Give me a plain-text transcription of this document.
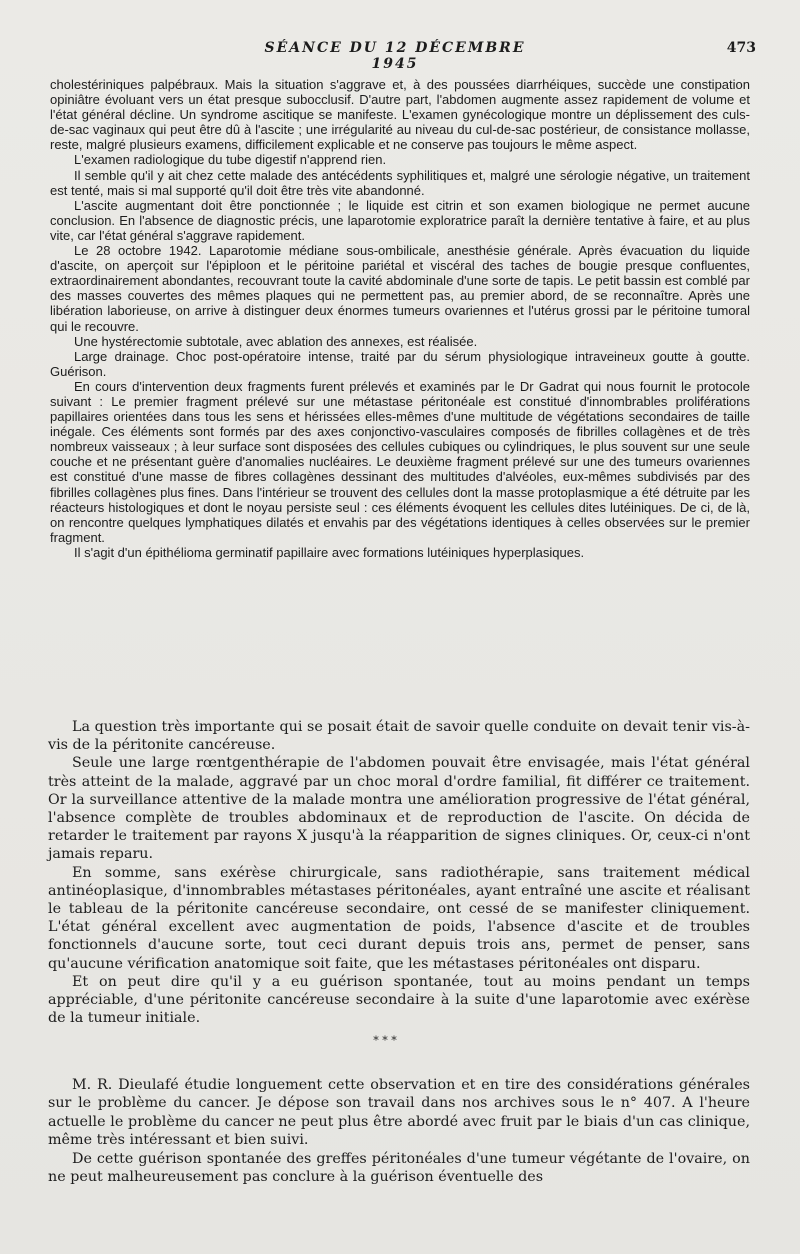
SÉANCE DU 12 DÉCEMBRE 1945
473

cholestériniques palpébraux. Mais la situation s'aggrave et, à des poussées diarrhéiques, succède une constipation opiniâtre évoluant vers un état presque subocclusif. D'autre part, l'abdomen augmente assez rapidement de volume et l'état général décline. Un syndrome ascitique se manifeste. L'examen gynécologique montre un déplissement des culs-de-sac vaginaux qui peut être dû à l'ascite ; une irrégularité au niveau du cul-de-sac postérieur, de consistance mollasse, reste, malgré plusieurs examens, difficilement explicable et ne conserve pas toujours le même aspect.

L'examen radiologique du tube digestif n'apprend rien.

Il semble qu'il y ait chez cette malade des antécédents syphilitiques et, malgré une sérologie négative, un traitement est tenté, mais si mal supporté qu'il doit être très vite abandonné.

L'ascite augmentant doit être ponctionnée ; le liquide est citrin et son examen biologique ne permet aucune conclusion. En l'absence de diagnostic précis, une laparotomie exploratrice paraît la dernière tentative à faire, et au plus vite, car l'état général s'aggrave rapidement.

Le 28 octobre 1942. Laparotomie médiane sous-ombilicale, anesthésie générale. Après évacuation du liquide d'ascite, on aperçoit sur l'épiploon et le péritoine pariétal et viscéral des taches de bougie presque confluentes, extraordinairement abondantes, recouvrant toute la cavité abdominale d'une sorte de tapis. Le petit bassin est comblé par des masses couvertes des mêmes plaques qui ne permettent pas, au premier abord, de se reconnaître. Après une libération laborieuse, on arrive à distinguer deux énormes tumeurs ovariennes et l'utérus grossi par le péritoine tumoral qui le recouvre.

Une hystérectomie subtotale, avec ablation des annexes, est réalisée.

Large drainage. Choc post-opératoire intense, traité par du sérum physiologique intraveineux goutte à goutte. Guérison.

En cours d'intervention deux fragments furent prélevés et examinés par le Dr Gadrat qui nous fournit le protocole suivant : Le premier fragment prélevé sur une métastase péritonéale est constitué d'innombrables proliférations papillaires orientées dans tous les sens et hérissées elles-mêmes d'une multitude de végétations secondaires de taille inégale. Ces éléments sont formés par des axes conjonctivo-vasculaires composés de fibrilles collagènes et de très nombreux vaisseaux ; à leur surface sont disposées des cellules cubiques ou cylindriques, le plus souvent sur une seule couche et ne présentant guère d'anomalies nucléaires. Le deuxième fragment prélevé sur une des tumeurs ovariennes est constitué d'une masse de fibres collagènes dessinant des multitudes d'alvéoles, eux-mêmes subdivisés par des fibrilles collagènes plus fines. Dans l'intérieur se trouvent des cellules dont la masse protoplasmique a été détruite par les réacteurs histologiques et dont le noyau persiste seul : ces éléments évoquent les cellules dites lutéiniques. De ci, de là, on rencontre quelques lymphatiques dilatés et envahis par des végétations identiques à celles observées sur le premier fragment.

Il s'agit d'un épithélioma germinatif papillaire avec formations lutéiniques hyperplasiques.

La question très importante qui se posait était de savoir quelle conduite on devait tenir vis-à-vis de la péritonite cancéreuse.

Seule une large rœntgenthérapie de l'abdomen pouvait être envisagée, mais l'état général très atteint de la malade, aggravé par un choc moral d'ordre familial, fit différer ce traitement. Or la surveillance attentive de la malade montra une amélioration progressive de l'état général, l'absence complète de troubles abdominaux et de reproduction de l'ascite. On décida de retarder le traitement par rayons X jusqu'à la réapparition de signes cliniques. Or, ceux-ci n'ont jamais reparu.

En somme, sans exérèse chirurgicale, sans radiothérapie, sans traitement médical antinéoplasique, d'innombrables métastases péritonéales, ayant entraîné une ascite et réalisant le tableau de la péritonite cancéreuse secondaire, ont cessé de se manifester cliniquement. L'état général excellent avec augmentation de poids, l'absence d'ascite et de troubles fonctionnels d'aucune sorte, tout ceci durant depuis trois ans, permet de penser, sans qu'aucune vérification anatomique soit faite, que les métastases péritonéales ont disparu.

Et on peut dire qu'il y a eu guérison spontanée, tout au moins pendant un temps appréciable, d'une péritonite cancéreuse secondaire à la suite d'une laparotomie avec exérèse de la tumeur initiale.

* * *

M. R. Dieulafé étudie longuement cette observation et en tire des considérations générales sur le problème du cancer. Je dépose son travail dans nos archives sous le n° 407. A l'heure actuelle le problème du cancer ne peut plus être abordé avec fruit par le biais d'un cas clinique, même très intéressant et bien suivi.

De cette guérison spontanée des greffes péritonéales d'une tumeur végétante de l'ovaire, on ne peut malheureusement pas conclure à la guérison éventuelle des
